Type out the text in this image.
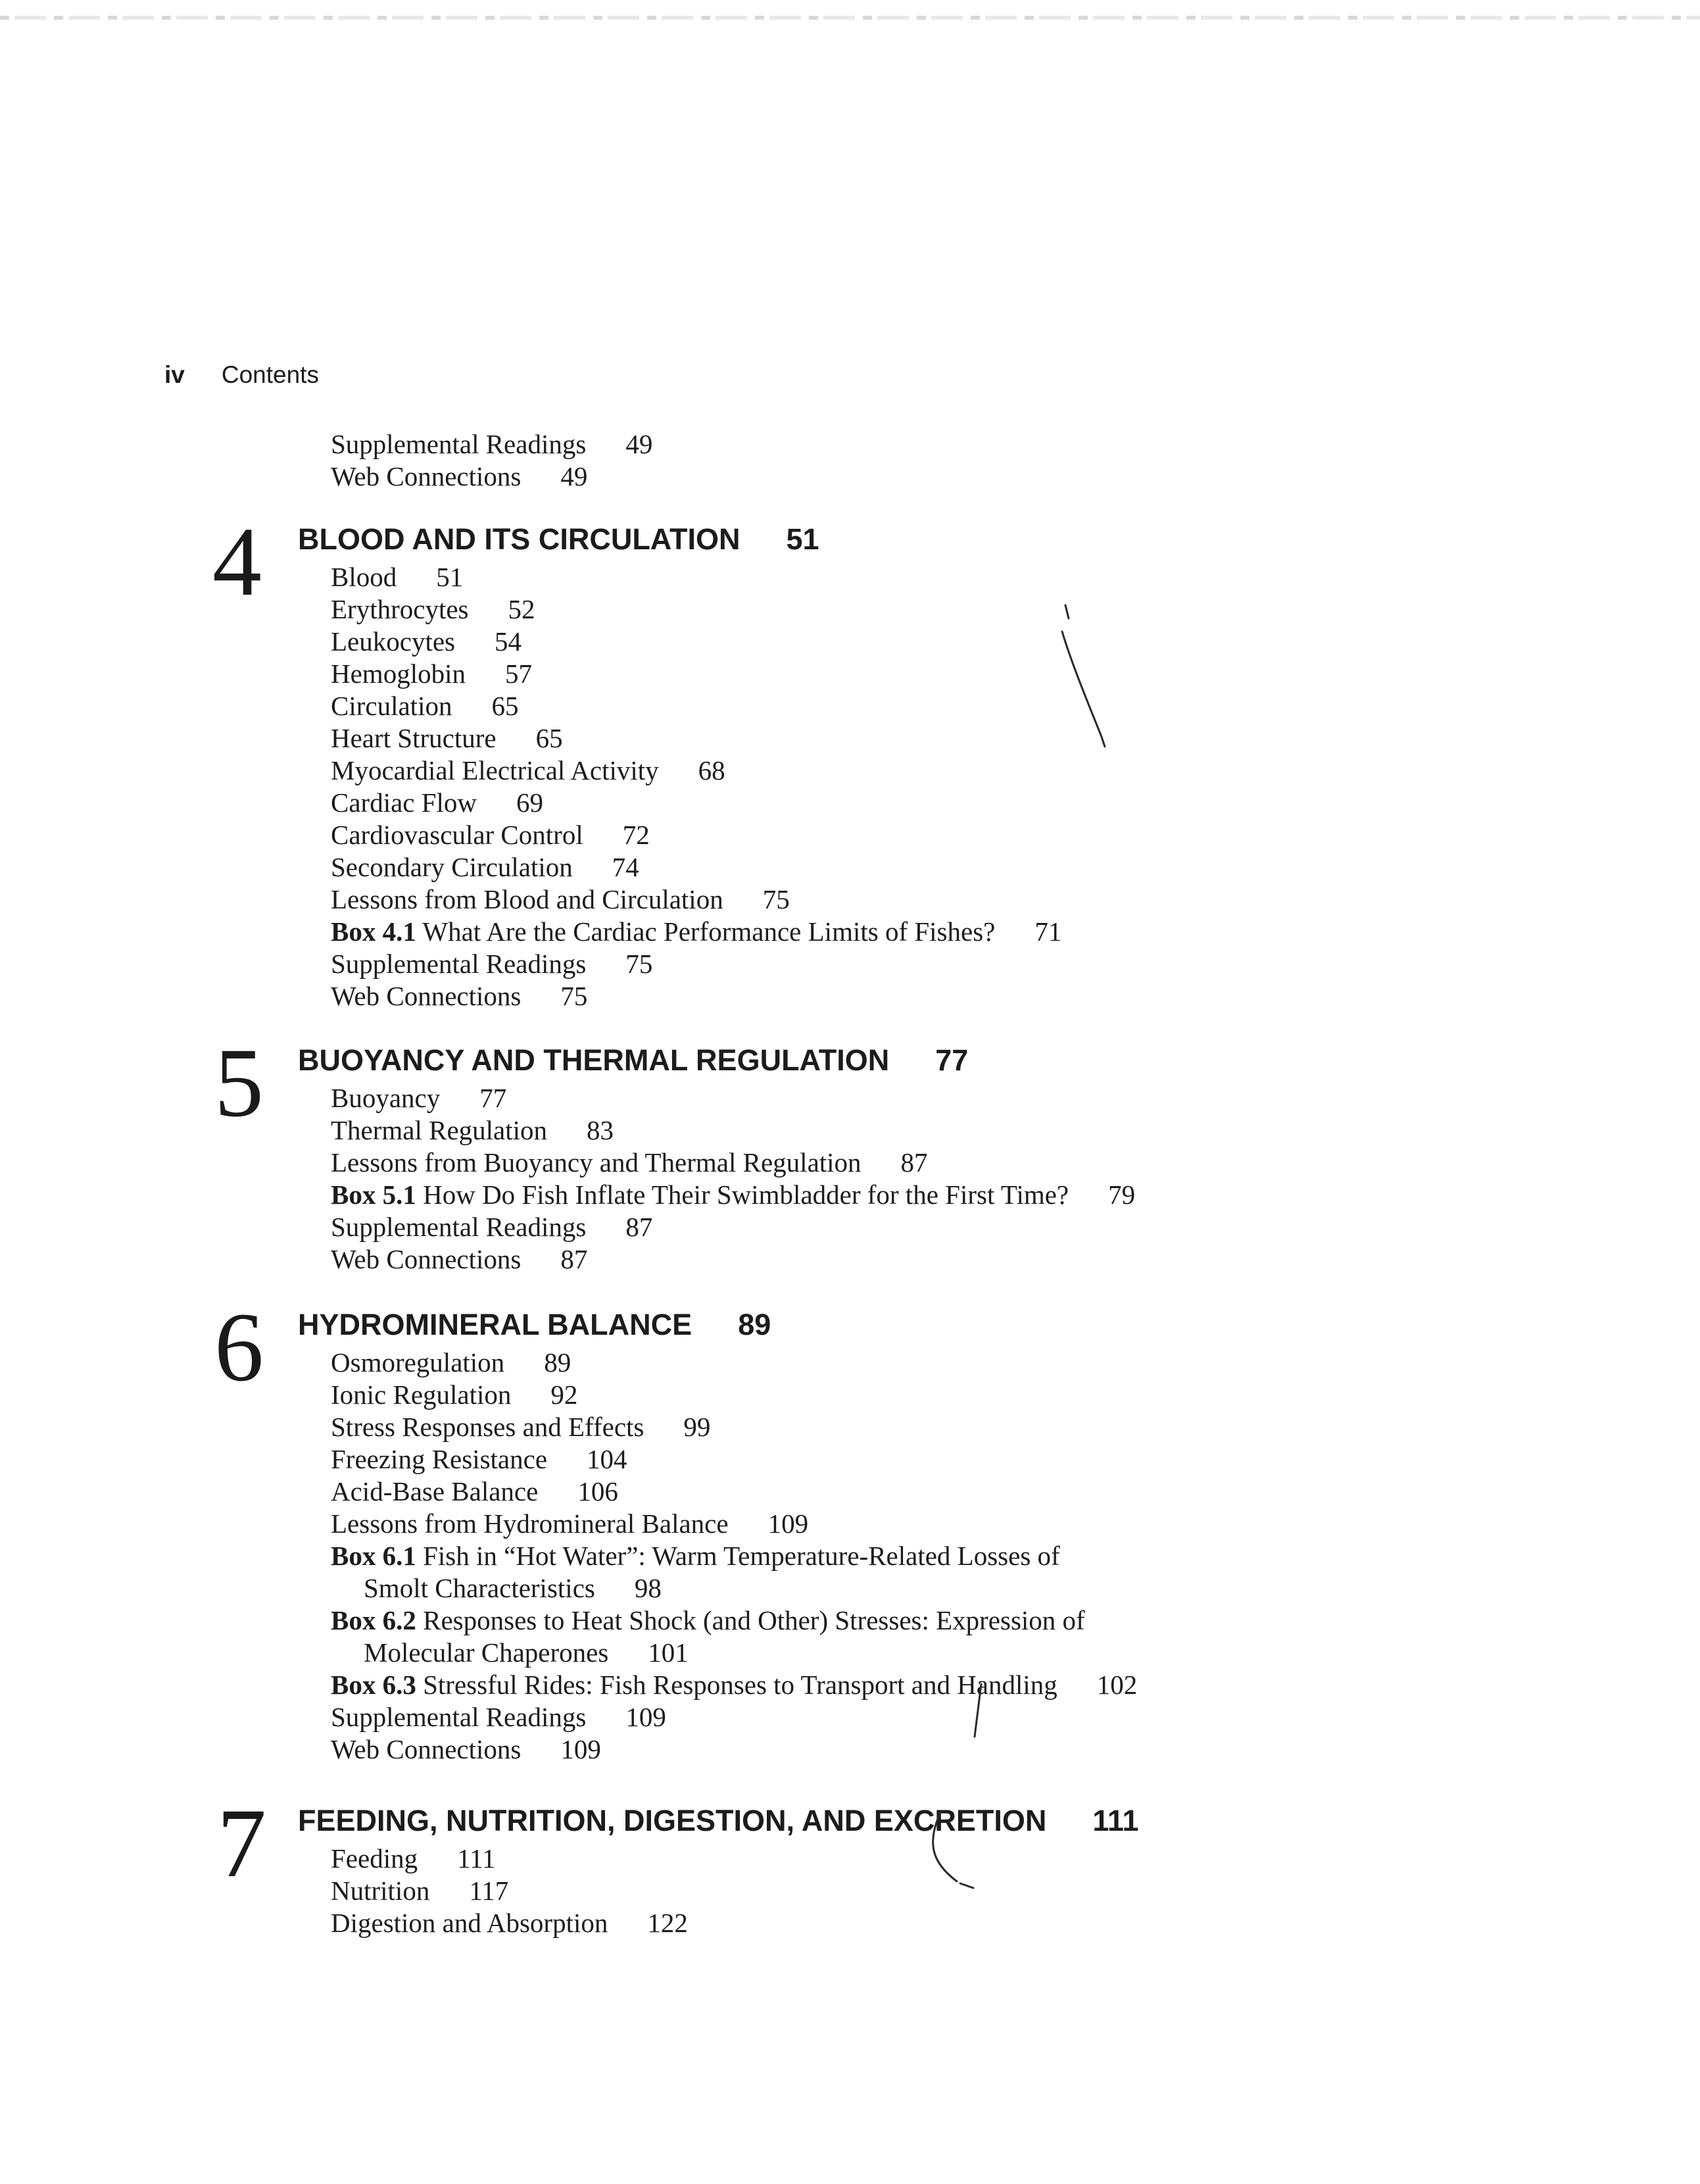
iv Contents
Supplemental Readings 49
Web Connections 49
4 BLOOD AND ITS CIRCULATION 51
Blood 51
Erythrocytes 52
Leukocytes 54
Hemoglobin 57
Circulation 65
Heart Structure 65
Myocardial Electrical Activity 68
Cardiac Flow 69
Cardiovascular Control 72
Secondary Circulation 74
Lessons from Blood and Circulation 75
Box 4.1 What Are the Cardiac Performance Limits of Fishes? 71
Supplemental Readings 75
Web Connections 75
5 BUOYANCY AND THERMAL REGULATION 77
Buoyancy 77
Thermal Regulation 83
Lessons from Buoyancy and Thermal Regulation 87
Box 5.1 How Do Fish Inflate Their Swimbladder for the First Time? 79
Supplemental Readings 87
Web Connections 87
6 HYDROMINERAL BALANCE 89
Osmoregulation 89
Ionic Regulation 92
Stress Responses and Effects 99
Freezing Resistance 104
Acid-Base Balance 106
Lessons from Hydromineral Balance 109
Box 6.1 Fish in “Hot Water”: Warm Temperature-Related Losses of
Smolt Characteristics 98
Box 6.2 Responses to Heat Shock (and Other) Stresses: Expression of
Molecular Chaperones 101
Box 6.3 Stressful Rides: Fish Responses to Transport and Handling 102
Supplemental Readings 109
Web Connections 109
7 FEEDING, NUTRITION, DIGESTION, AND EXCRETION 111
Feeding 111
Nutrition 117
Digestion and Absorption 122
